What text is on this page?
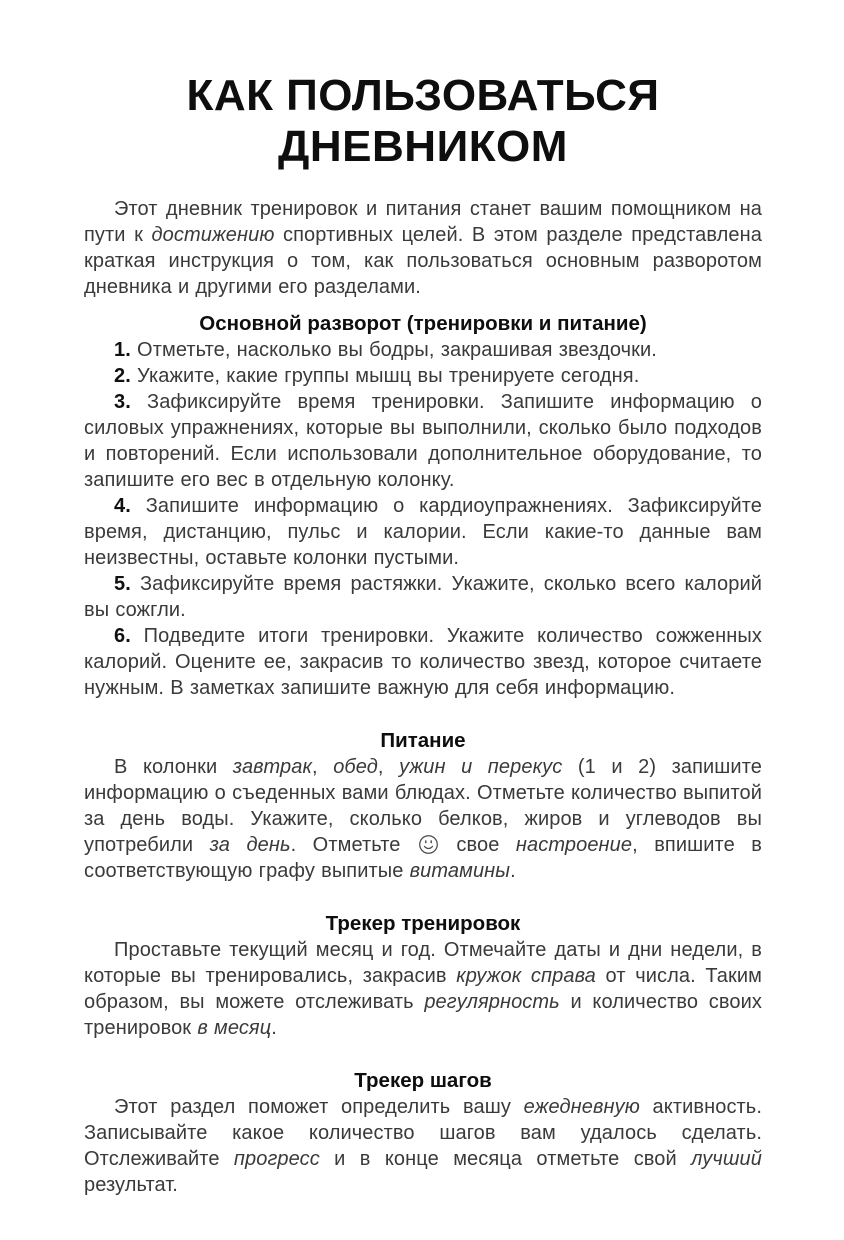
КАК ПОЛЬЗОВАТЬСЯ
ДНЕВНИКОМ

Этот дневник тренировок и питания станет вашим помощником на пути к достижению спортивных целей. В этом разделе представлена краткая инструкция о том, как пользоваться основным разворотом дневника и другими его разделами.

Основной разворот (тренировки и питание)

1. Отметьте, насколько вы бодры, закрашивая звездочки.

2. Укажите, какие группы мышц вы тренируете сегодня.

3. Зафиксируйте время тренировки. Запишите информацию о силовых упражнениях, которые вы выполнили, сколько было подходов и повторений. Если использовали дополнительное оборудование, то запишите его вес в отдельную колонку.

4. Запишите информацию о кардиоупражнениях. Зафиксируйте время, дистанцию, пульс и калории. Если какие-то данные вам неизвестны, оставьте колонки пустыми.

5. Зафиксируйте время растяжки. Укажите, сколько всего калорий вы сожгли.

6. Подведите итоги тренировки. Укажите количество сожженных калорий. Оцените ее, закрасив то количество звезд, которое считаете нужным. В заметках запишите важную для себя информацию.

Питание

В колонки завтрак, обед, ужин и перекус (1 и 2) запишите информацию о съеденных вами блюдах. Отметьте количество выпитой за день воды. Укажите, сколько белков, жиров и углеводов вы употребили за день. Отметьте  свое настроение, впишите в соответствующую графу выпитые витамины.

Трекер тренировок

Проставьте текущий месяц и год. Отмечайте даты и дни недели, в которые вы тренировались, закрасив кружок справа от числа. Таким образом, вы можете отслеживать регулярность и количество своих тренировок в месяц.

Трекер шагов

Этот раздел поможет определить вашу ежедневную активность. Записывайте какое количество шагов вам удалось сделать. Отслеживайте прогресс и в конце месяца отметьте свой лучший результат.
